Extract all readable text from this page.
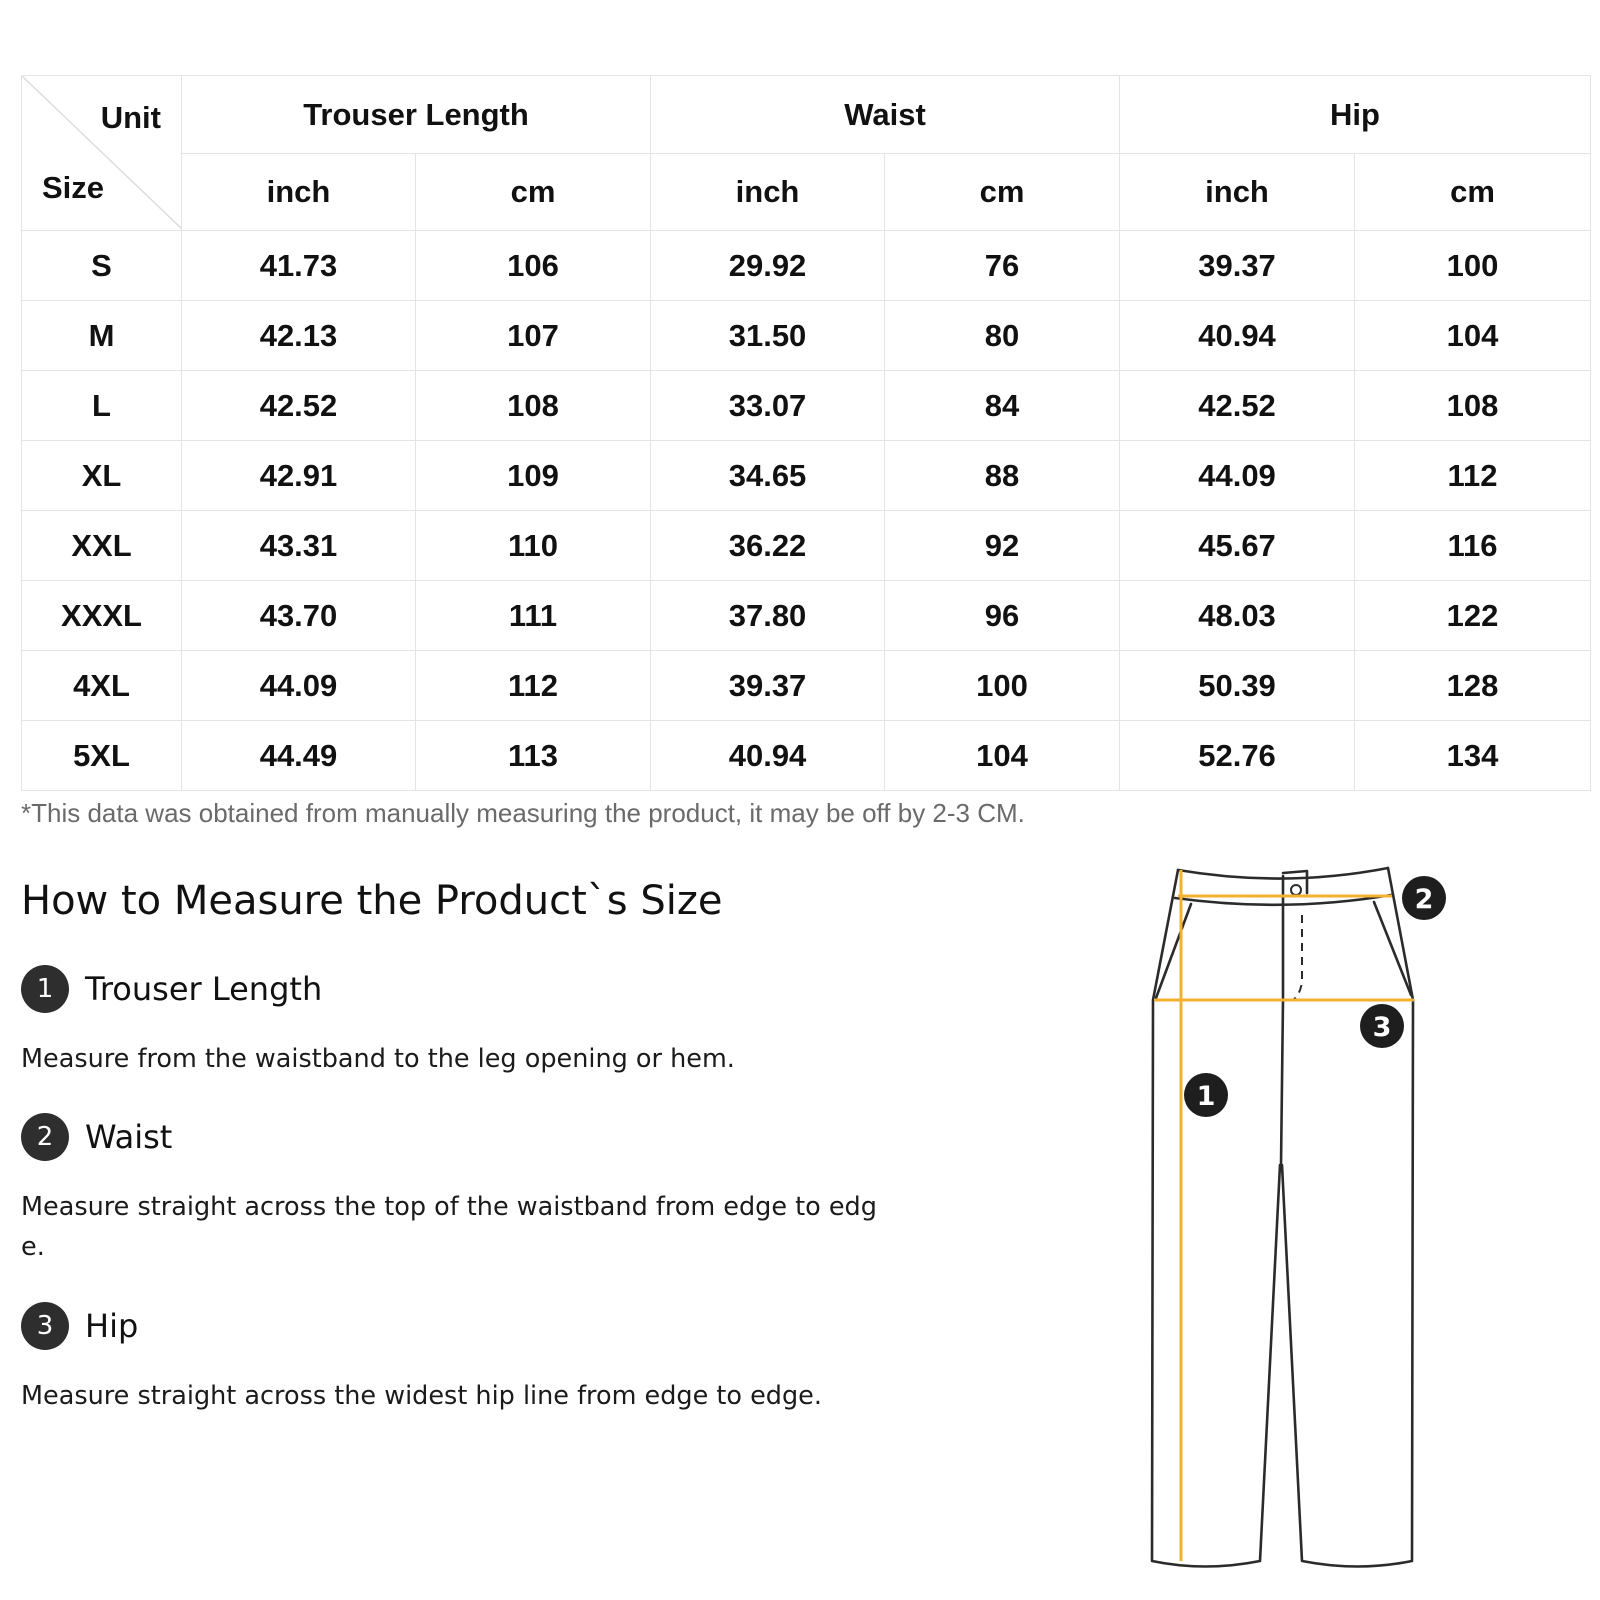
Unit
Size	Trouser Length		Waist		Hip	
	inch	cm	inch	cm	inch	cm
S	41.73	106	29.92	76	39.37	100
M	42.13	107	31.50	80	40.94	104
L	42.52	108	33.07	84	42.52	108
XL	42.91	109	34.65	88	44.09	112
XXL	43.31	110	36.22	92	45.67	116
XXXL	43.70	111	37.80	96	48.03	122
4XL	44.09	112	39.37	100	50.39	128
5XL	44.49	113	40.94	104	52.76	134
*This data was obtained from manually measuring the product, it may be off by 2-3 CM.
How to Measure the Product`s Size
1 Trouser Length
Measure from the waistband to the leg opening or hem.
2 Waist
Measure straight across the top of the waistband from edge to edge.
3 Hip
Measure straight across the widest hip line from edge to edge.
1
2
3
